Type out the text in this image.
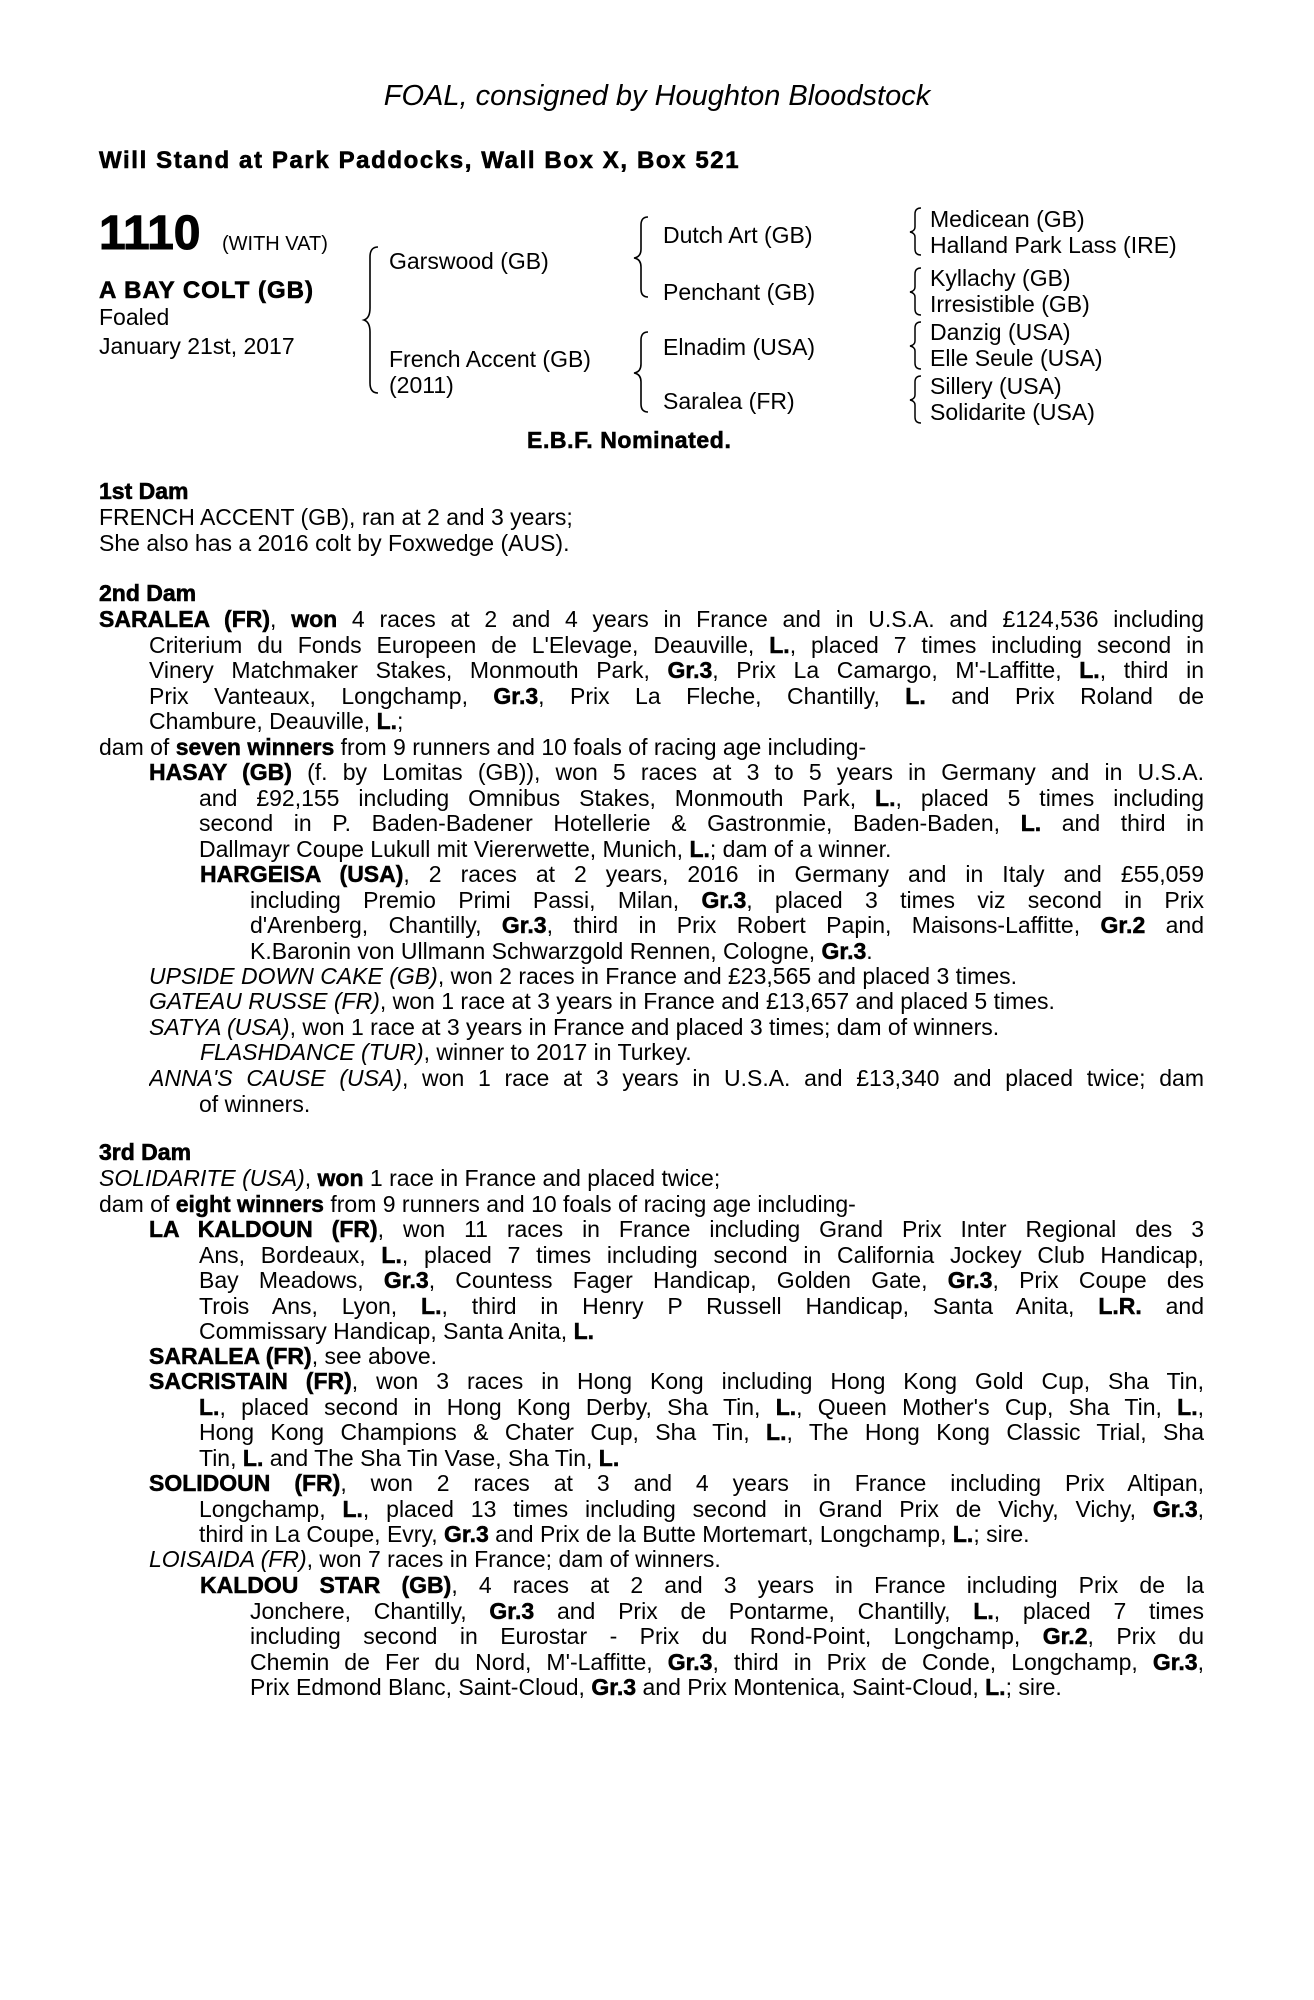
FOAL, consigned by Houghton Bloodstock
Will Stand at Park Paddocks, Wall Box X, Box 521
1110 (WITH VAT)
A BAY COLT (GB)
Foaled
January 21st, 2017
Garswood (GB)
French Accent (GB)
(2011)
Dutch Art (GB)
Penchant (GB)
Elnadim (USA)
Saralea (FR)
Medicean (GB)
Halland Park Lass (IRE)
Kyllachy (GB)
Irresistible (GB)
Danzig (USA)
Elle Seule (USA)
Sillery (USA)
Solidarite (USA)
E.B.F. Nominated.
1st Dam
FRENCH ACCENT (GB), ran at 2 and 3 years;
She also has a 2016 colt by Foxwedge (AUS).
2nd Dam
SARALEA (FR), won 4 races at 2 and 4 years in France and in U.S.A. and £124,536 including
Criterium du Fonds Europeen de L'Elevage, Deauville, L., placed 7 times including second in
Vinery Matchmaker Stakes, Monmouth Park, Gr.3, Prix La Camargo, M'-Laffitte, L., third in
Prix Vanteaux, Longchamp, Gr.3, Prix La Fleche, Chantilly, L. and Prix Roland de
Chambure, Deauville, L.;
dam of seven winners from 9 runners and 10 foals of racing age including-
HASAY (GB) (f. by Lomitas (GB)), won 5 races at 3 to 5 years in Germany and in U.S.A.
and £92,155 including Omnibus Stakes, Monmouth Park, L., placed 5 times including
second in P. Baden-Badener Hotellerie & Gastronmie, Baden-Baden, L. and third in
Dallmayr Coupe Lukull mit Viererwette, Munich, L.; dam of a winner.
HARGEISA (USA), 2 races at 2 years, 2016 in Germany and in Italy and £55,059
including Premio Primi Passi, Milan, Gr.3, placed 3 times viz second in Prix
d'Arenberg, Chantilly, Gr.3, third in Prix Robert Papin, Maisons-Laffitte, Gr.2 and
K.Baronin von Ullmann Schwarzgold Rennen, Cologne, Gr.3.
UPSIDE DOWN CAKE (GB), won 2 races in France and £23,565 and placed 3 times.
GATEAU RUSSE (FR), won 1 race at 3 years in France and £13,657 and placed 5 times.
SATYA (USA), won 1 race at 3 years in France and placed 3 times; dam of winners.
FLASHDANCE (TUR), winner to 2017 in Turkey.
ANNA'S CAUSE (USA), won 1 race at 3 years in U.S.A. and £13,340 and placed twice; dam
of winners.
3rd Dam
SOLIDARITE (USA), won 1 race in France and placed twice;
dam of eight winners from 9 runners and 10 foals of racing age including-
LA KALDOUN (FR), won 11 races in France including Grand Prix Inter Regional des 3
Ans, Bordeaux, L., placed 7 times including second in California Jockey Club Handicap,
Bay Meadows, Gr.3, Countess Fager Handicap, Golden Gate, Gr.3, Prix Coupe des
Trois Ans, Lyon, L., third in Henry P Russell Handicap, Santa Anita, L.R. and
Commissary Handicap, Santa Anita, L.
SARALEA (FR), see above.
SACRISTAIN (FR), won 3 races in Hong Kong including Hong Kong Gold Cup, Sha Tin,
L., placed second in Hong Kong Derby, Sha Tin, L., Queen Mother's Cup, Sha Tin, L.,
Hong Kong Champions & Chater Cup, Sha Tin, L., The Hong Kong Classic Trial, Sha
Tin, L. and The Sha Tin Vase, Sha Tin, L.
SOLIDOUN (FR), won 2 races at 3 and 4 years in France including Prix Altipan,
Longchamp, L., placed 13 times including second in Grand Prix de Vichy, Vichy, Gr.3,
third in La Coupe, Evry, Gr.3 and Prix de la Butte Mortemart, Longchamp, L.; sire.
LOISAIDA (FR), won 7 races in France; dam of winners.
KALDOU STAR (GB), 4 races at 2 and 3 years in France including Prix de la
Jonchere, Chantilly, Gr.3 and Prix de Pontarme, Chantilly, L., placed 7 times
including second in Eurostar - Prix du Rond-Point, Longchamp, Gr.2, Prix du
Chemin de Fer du Nord, M'-Laffitte, Gr.3, third in Prix de Conde, Longchamp, Gr.3,
Prix Edmond Blanc, Saint-Cloud, Gr.3 and Prix Montenica, Saint-Cloud, L.; sire.
